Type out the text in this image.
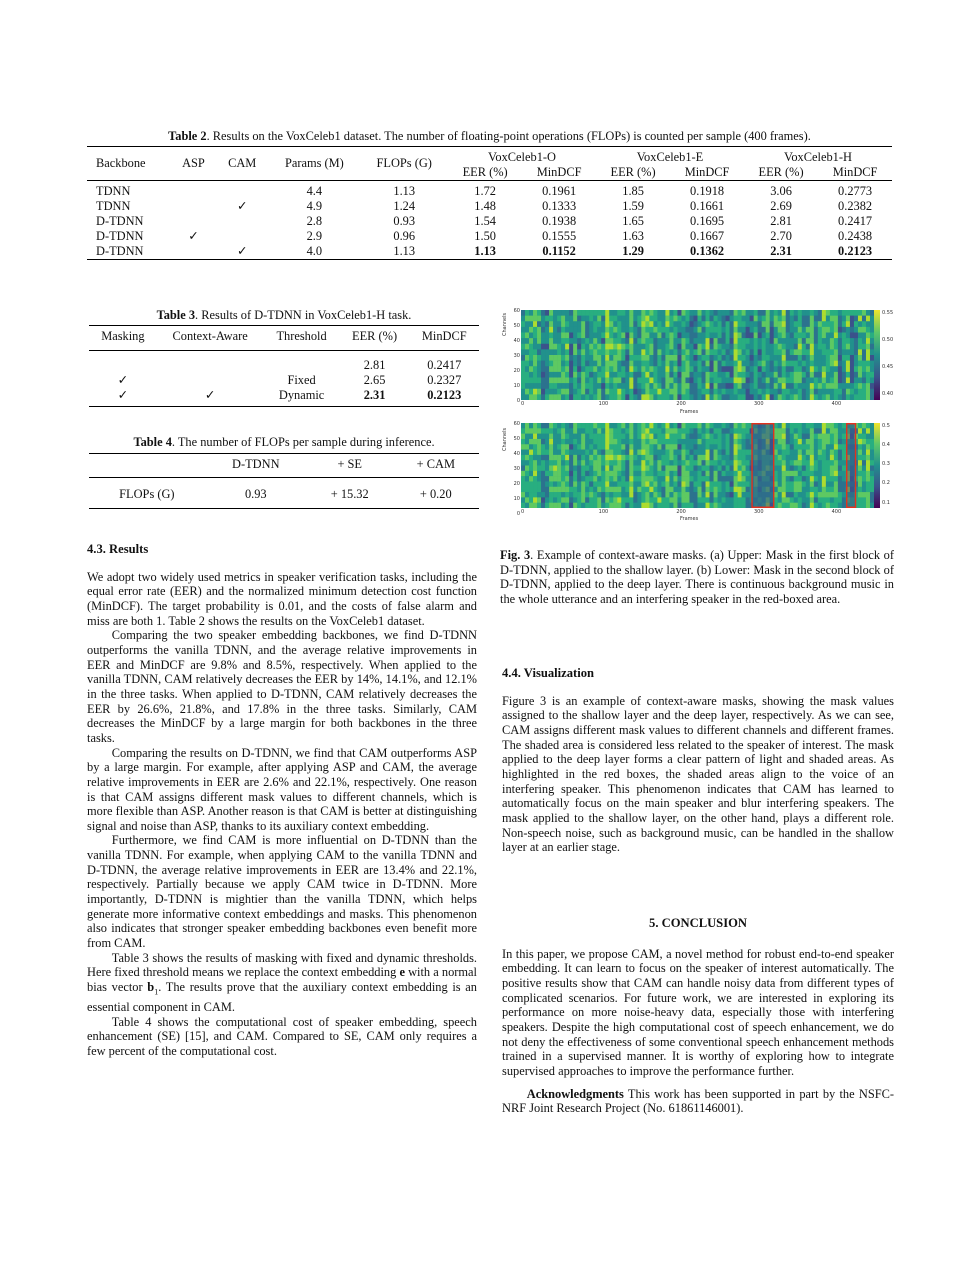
Table 2. Results on the VoxCeleb1 dataset. The number of floating-point operations (FLOPs) is counted per sample (400 frames).
Backbone	ASP	CAM	Params (M)	FLOPs (G)	VoxCeleb1-O		VoxCeleb1-E		VoxCeleb1-H	
					EER (%)	MinDCF	EER (%)	MinDCF	EER (%)	MinDCF
TDNN			4.4	1.13	1.72	0.1961	1.85	0.1918	3.06	0.2773
TDNN		✓	4.9	1.24	1.48	0.1333	1.59	0.1661	2.69	0.2382
D-TDNN			2.8	0.93	1.54	0.1938	1.65	0.1695	2.81	0.2417
D-TDNN	✓		2.9	0.96	1.50	0.1555	1.63	0.1667	2.70	0.2438
D-TDNN		✓	4.0	1.13	1.13	0.1152	1.29	0.1362	2.31	0.2123
Table 3. Results of D-TDNN in VoxCeleb1-H task.
Masking	Context-Aware	Threshold	EER (%)	MinDCF
			2.81	0.2417
✓		Fixed	2.65	0.2327
✓	✓	Dynamic	2.31	0.2123
Table 4. The number of FLOPs per sample during inference.
	D-TDNN	+ SE	+ CAM
FLOPs (G)	0.93	+ 15.32	+ 0.20
Channels
60
50
40
30
20
10
0 0	100	200	300	400
Frames
0.55
0.50
0.45
0.40
Channels
60
50
40
30
20
10
0 0	100	200	300	400
Frames
0.5
0.4
0.3
0.2
0.1
Fig. 3. Example of context-aware masks. (a) Upper: Mask in the first block of D-TDNN, applied to the shallow layer. (b) Lower: Mask in the second block of D-TDNN, applied to the deep layer. There is continuous background music in the whole utterance and an interfering speaker in the red-boxed area.
4.3. Results

We adopt two widely used metrics in speaker verification tasks, including the equal error rate (EER) and the normalized minimum detection cost function (MinDCF). The target probability is 0.01, and the costs of false alarm and miss are both 1. Table 2 shows the results on the VoxCeleb1 dataset.

Comparing the two speaker embedding backbones, we find D-TDNN outperforms the vanilla TDNN, and the average relative improvements in EER and MinDCF are 9.8% and 8.5%, respectively. When applied to the vanilla TDNN, CAM relatively decreases the EER by 14%, 14.1%, and 12.1% in the three tasks. When applied to D-TDNN, CAM relatively decreases the EER by 26.6%, 21.8%, and 17.8% in the three tasks. Similarly, CAM decreases the MinDCF by a large margin for both backbones in the three tasks.

Comparing the results on D-TDNN, we find that CAM outperforms ASP by a large margin. For example, after applying ASP and CAM, the average relative improvements in EER are 2.6% and 22.1%, respectively. One reason is that CAM assigns different mask values to different channels, which is more flexible than ASP. Another reason is that CAM is better at distinguishing signal and noise than ASP, thanks to its auxiliary context embedding.

Furthermore, we find CAM is more influential on D-TDNN than the vanilla TDNN. For example, when applying CAM to the vanilla TDNN and D-TDNN, the average relative improvements in EER are 13.4% and 22.1%, respectively. Partially because we apply CAM twice in D-TDNN. More importantly, D-TDNN is mightier than the vanilla TDNN, which helps generate more informative context embeddings and masks. This phenomenon also indicates that stronger speaker embedding backbones even benefit more from CAM.

Table 3 shows the results of masking with fixed and dynamic thresholds. Here fixed threshold means we replace the context embedding e with a normal bias vector $b_1$. The results prove that the auxiliary context embedding is an essential component in CAM.

Table 4 shows the computational cost of speaker embedding, speech enhancement (SE) [15], and CAM. Compared to SE, CAM only requires a few percent of the computational cost.

4.4. Visualization

Figure 3 is an example of context-aware masks, showing the mask values assigned to the shallow layer and the deep layer, respectively. As we can see, CAM assigns different mask values to different channels and different frames. The shaded area is considered less related to the speaker of interest. The mask applied to the deep layer forms a clear pattern of light and shaded areas. As highlighted in the red boxes, the shaded areas align to the voice of an interfering speaker. This phenomenon indicates that CAM has learned to automatically focus on the main speaker and blur interfering speakers. The mask applied to the shallow layer, on the other hand, plays a different role. Non-speech noise, such as background music, can be handled in the shallow layer at an earlier stage.

5. CONCLUSION

In this paper, we propose CAM, a novel method for robust end-to-end speaker embedding. It can learn to focus on the speaker of interest automatically. The positive results show that CAM can handle noisy data from different types of complicated scenarios. For future work, we are interested in exploring its performance on more noise-heavy data, especially those with interfering speakers. Despite the high computational cost of speech enhancement, we do not deny the effectiveness of some conventional speech enhancement methods trained in a supervised manner. It is worthy of exploring how to integrate supervised approaches to improve the performance further.

Acknowledgments This work has been supported in part by the NSFC-NRF Joint Research Project (No. 61861146001).
